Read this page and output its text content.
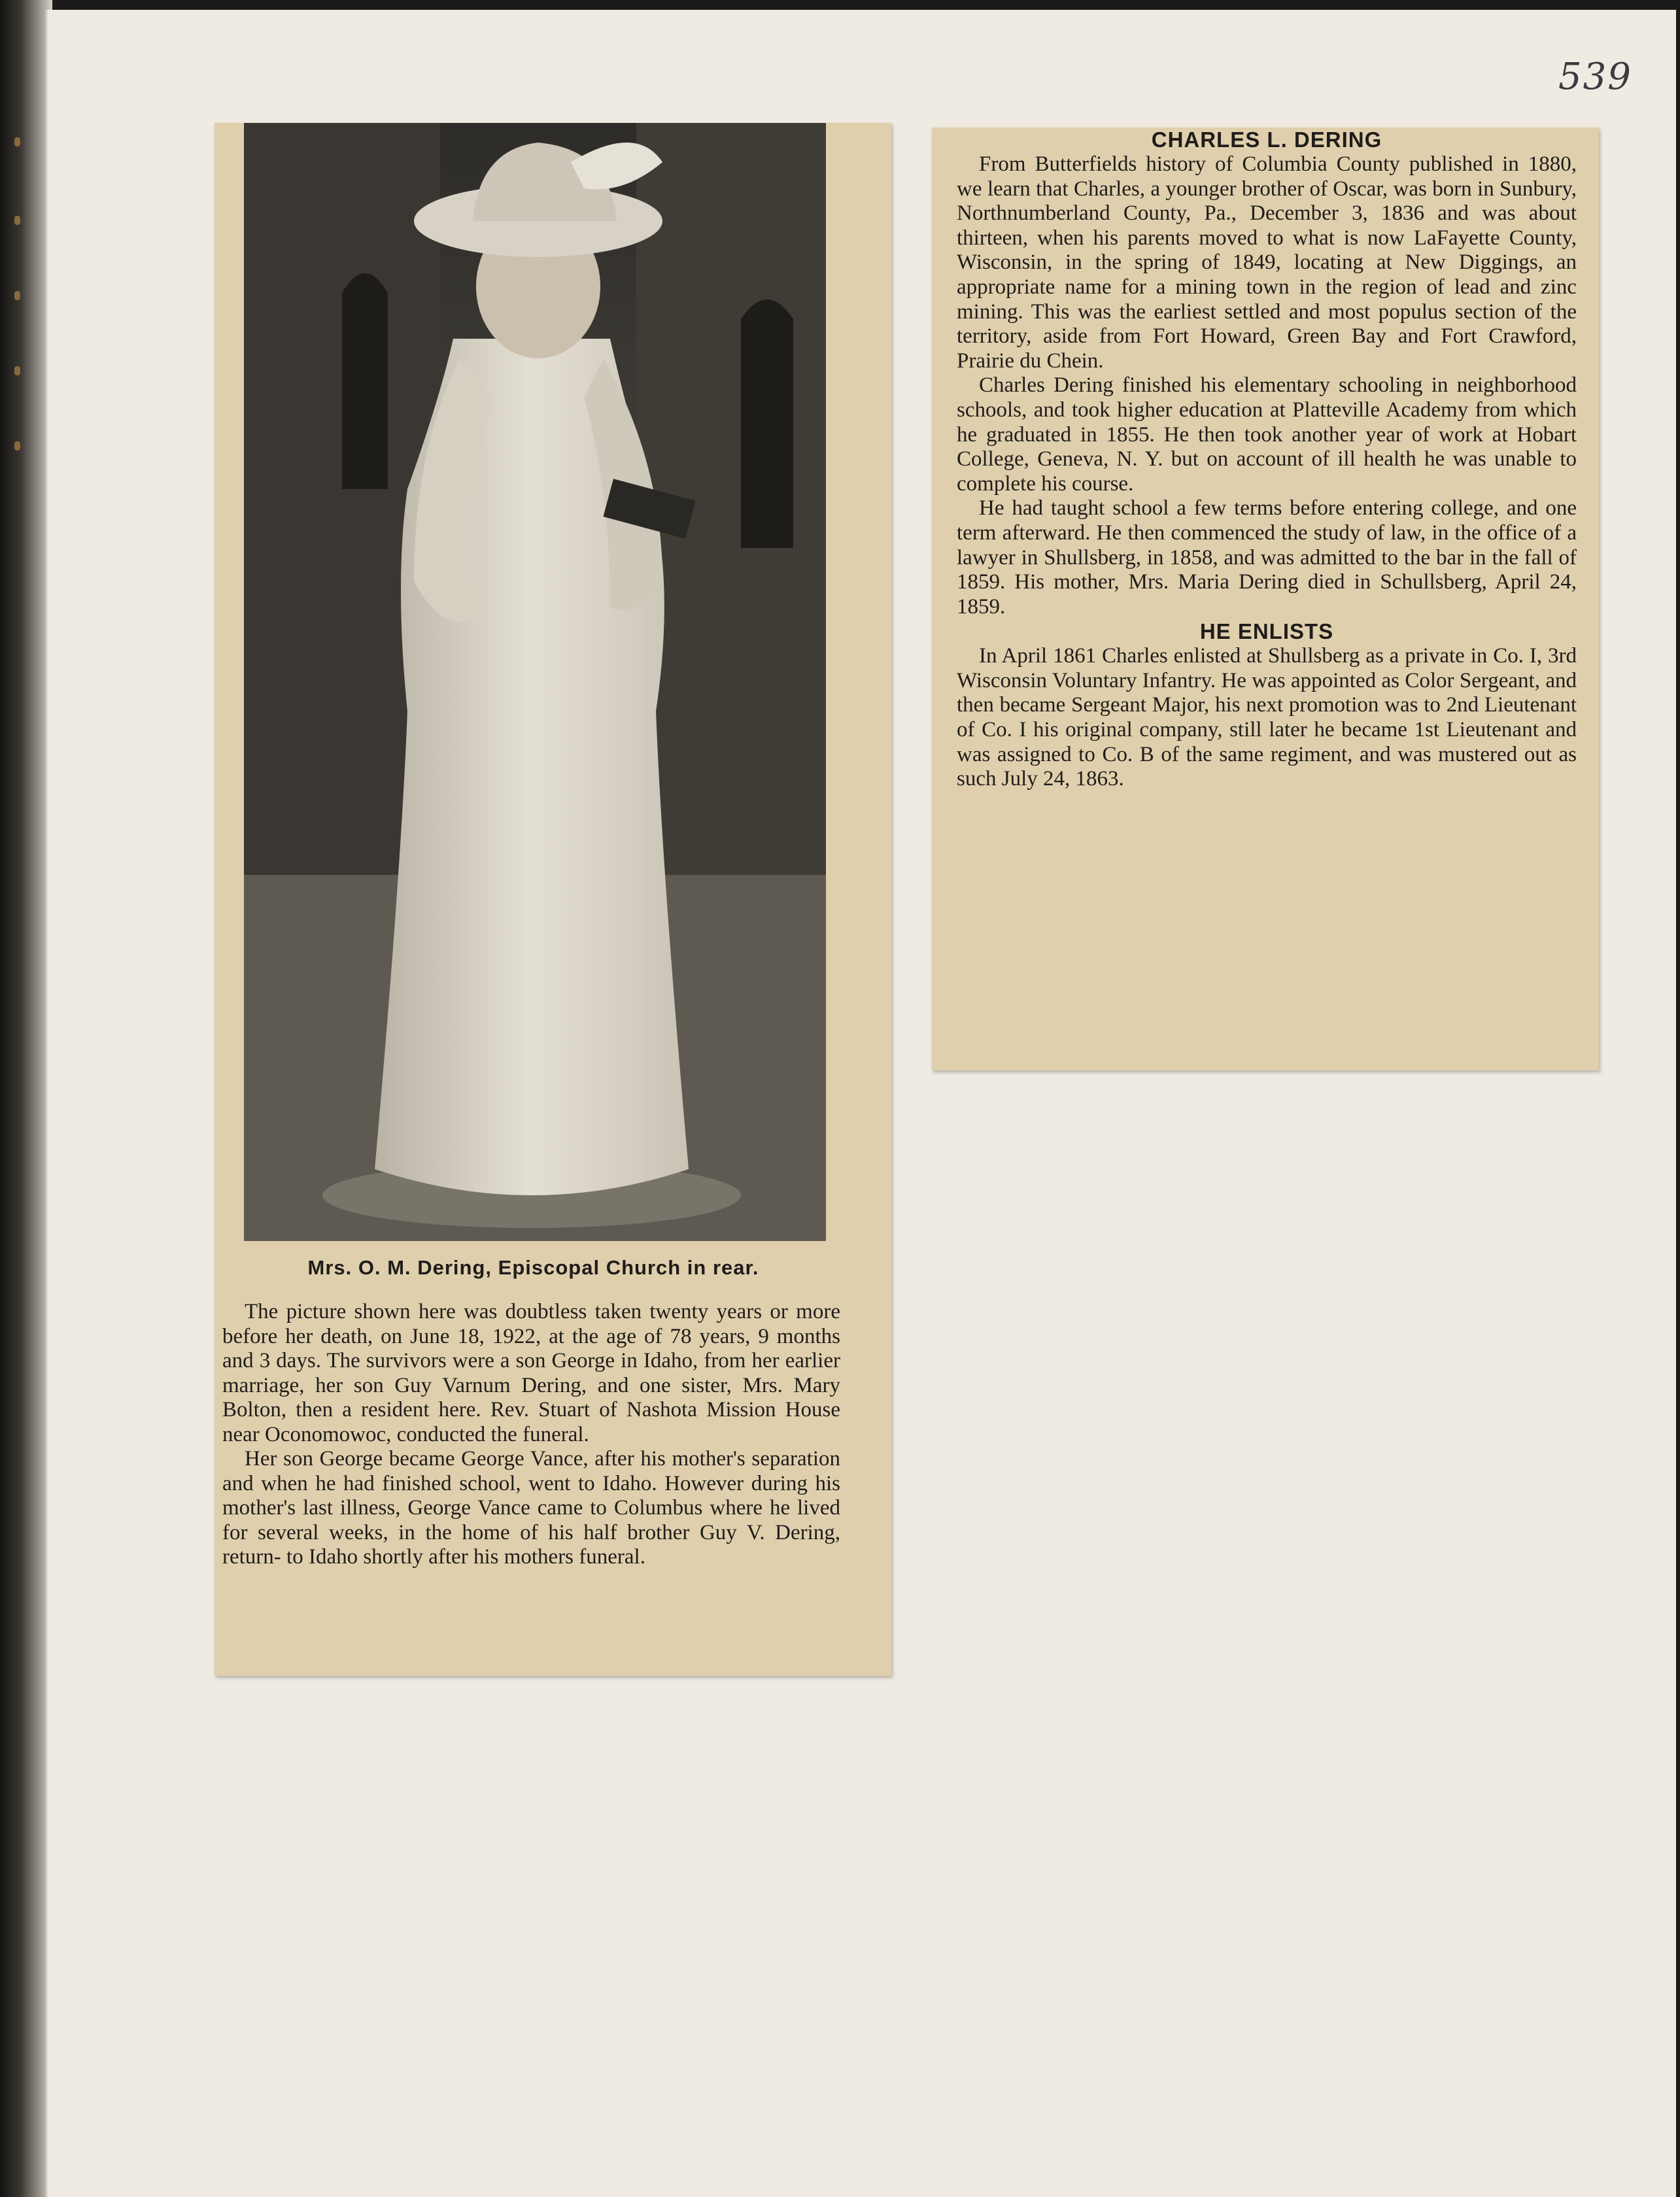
539
Mrs. O. M. Dering, Episcopal Church in rear.

The picture shown here was doubtless taken twenty years or more before her death, on June 18, 1922, at the age of 78 years, 9 months and 3 days. The survivors were a son George in Idaho, from her earlier marriage, her son Guy Varnum Dering, and one sister, Mrs. Mary Bolton, then a resident here. Rev. Stuart of Nashota Mission House near Oconomowoc, conducted the funeral.

Her son George became George Vance, after his mother's separation and when he had finished school, went to Idaho. However during his mother's last illness, George Vance came to Columbus where he lived for several weeks, in the home of his half brother Guy V. Dering, return- to Idaho shortly after his mothers funeral.

CHARLES L. DERING

From Butterfields history of Columbia County published in 1880, we learn that Charles, a younger brother of Oscar, was born in Sunbury, Northnumberland County, Pa., December 3, 1836 and was about thirteen, when his parents moved to what is now LaFayette County, Wisconsin, in the spring of 1849, locating at New Diggings, an appropriate name for a mining town in the region of lead and zinc mining. This was the earliest settled and most populus section of the territory, aside from Fort Howard, Green Bay and Fort Crawford, Prairie du Chein.

Charles Dering finished his elementary schooling in neighborhood schools, and took higher education at Platteville Academy from which he graduated in 1855. He then took another year of work at Hobart College, Geneva, N. Y. but on account of ill health he was unable to complete his course.

He had taught school a few terms before entering college, and one term afterward. He then commenced the study of law, in the office of a lawyer in Shullsberg, in 1858, and was admitted to the bar in the fall of 1859. His mother, Mrs. Maria Dering died in Schullsberg, April 24, 1859.

HE ENLISTS

In April 1861 Charles enlisted at Shullsberg as a private in Co. I, 3rd Wisconsin Voluntary Infantry. He was appointed as Color Sergeant, and then became Sergeant Major, his next promotion was to 2nd Lieutenant of Co. I his original company, still later he became 1st Lieutenant and was assigned to Co. B of the same regiment, and was mustered out as such July 24, 1863.
